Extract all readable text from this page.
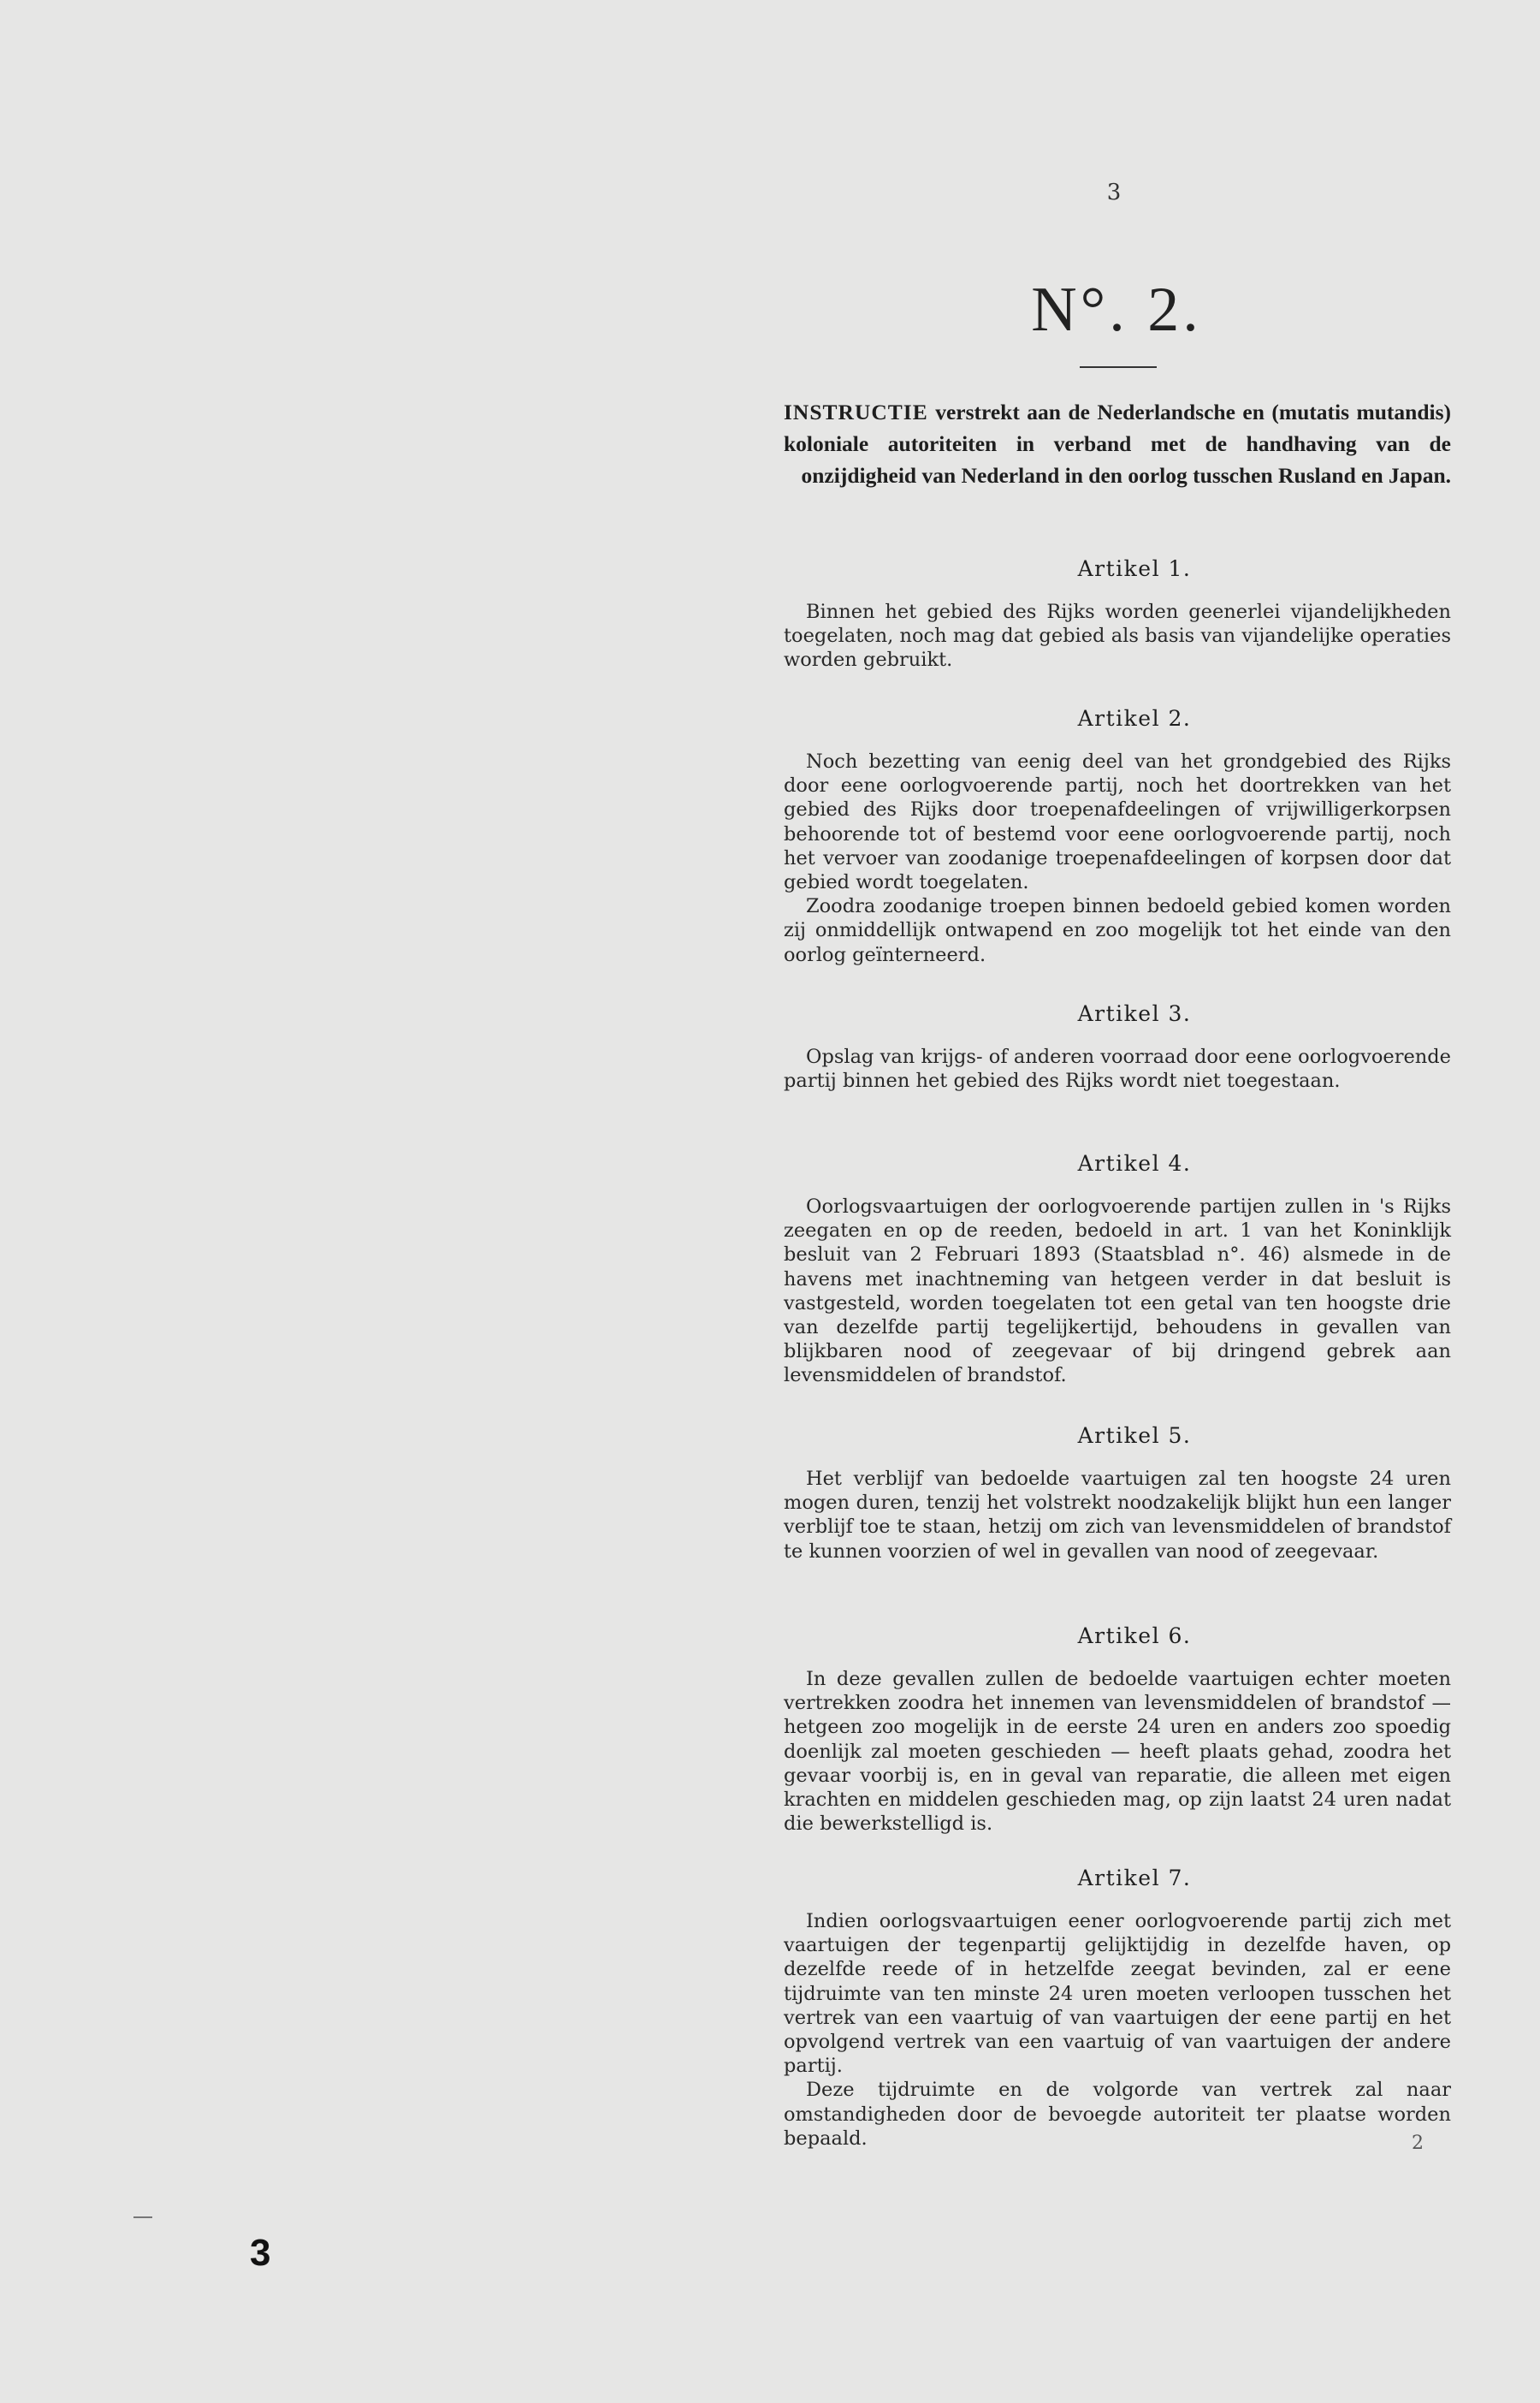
3
N°. 2.
INSTRUCTIE verstrekt aan de Nederlandsche en (mutatis mutandis) koloniale autoriteiten in verband met de handhaving van de onzijdigheid van Nederland in den oorlog tusschen Rusland en Japan.
Artikel 1.

Binnen het gebied des Rijks worden geenerlei vijandelijkheden toegelaten, noch mag dat gebied als basis van vijandelijke operaties worden gebruikt.

Artikel 2.

Noch bezetting van eenig deel van het grondgebied des Rijks door eene oorlogvoerende partij, noch het doortrekken van het gebied des Rijks door troepenafdeelingen of vrijwilligerkorpsen behoorende tot of bestemd voor eene oorlogvoerende partij, noch het vervoer van zoodanige troepenafdeelingen of korpsen door dat gebied wordt toegelaten.

Zoodra zoodanige troepen binnen bedoeld gebied komen worden zij onmiddellijk ontwapend en zoo mogelijk tot het einde van den oorlog geïnterneerd.

Artikel 3.

Opslag van krijgs- of anderen voorraad door eene oorlogvoerende partij binnen het gebied des Rijks wordt niet toegestaan.

Artikel 4.

Oorlogsvaartuigen der oorlogvoerende partijen zullen in 's Rijks zeegaten en op de reeden, bedoeld in art. 1 van het Koninklijk besluit van 2 Februari 1893 (Staatsblad n°. 46) alsmede in de havens met inachtneming van hetgeen verder in dat besluit is vastgesteld, worden toegelaten tot een getal van ten hoogste drie van dezelfde partij tegelijkertijd, behoudens in gevallen van blijkbaren nood of zeegevaar of bij dringend gebrek aan levensmiddelen of brandstof.

Artikel 5.

Het verblijf van bedoelde vaartuigen zal ten hoogste 24 uren mogen duren, tenzij het volstrekt noodzakelijk blijkt hun een langer verblijf toe te staan, hetzij om zich van levensmiddelen of brandstof te kunnen voorzien of wel in gevallen van nood of zeegevaar.

Artikel 6.

In deze gevallen zullen de bedoelde vaartuigen echter moeten vertrekken zoodra het innemen van levensmiddelen of brandstof — hetgeen zoo mogelijk in de eerste 24 uren en anders zoo spoedig doenlijk zal moeten geschieden — heeft plaats gehad, zoodra het gevaar voorbij is, en in geval van reparatie, die alleen met eigen krachten en middelen geschieden mag, op zijn laatst 24 uren nadat die bewerkstelligd is.

Artikel 7.

Indien oorlogsvaartuigen eener oorlogvoerende partij zich met vaartuigen der tegenpartij gelijktijdig in dezelfde haven, op dezelfde reede of in hetzelfde zeegat bevinden, zal er eene tijdruimte van ten minste 24 uren moeten verloopen tusschen het vertrek van een vaartuig of van vaartuigen der eene partij en het opvolgend vertrek van een vaartuig of van vaartuigen der andere partij.

Deze tijdruimte en de volgorde van vertrek zal naar omstandigheden door de bevoegde autoriteit ter plaatse worden bepaald.	2
3
